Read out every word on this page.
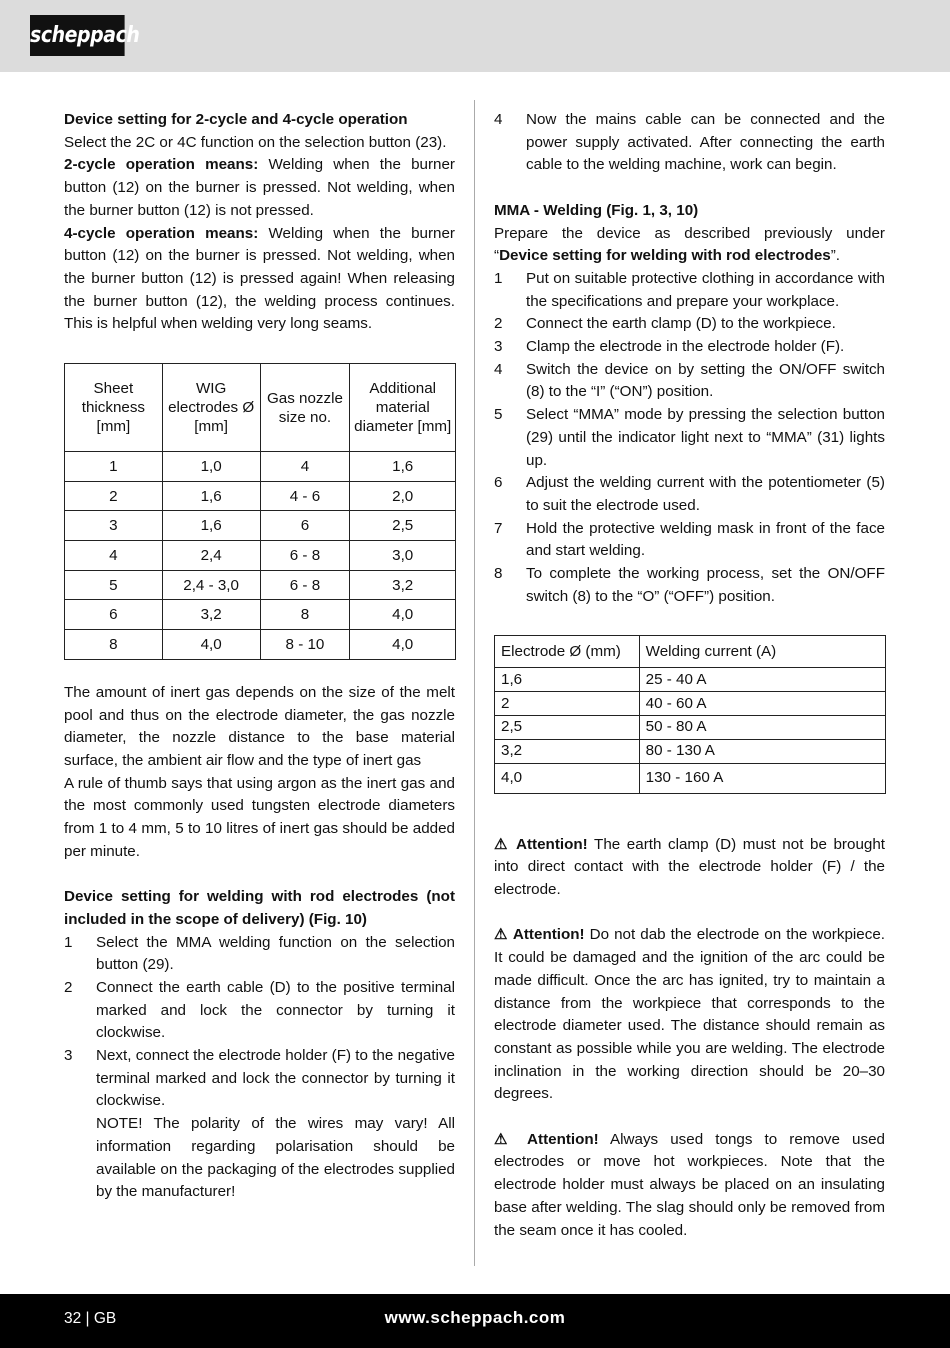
scheppach

Device setting for 2-cycle and 4-cycle operation

Select the 2C or 4C function on the selection button (23).

2-cycle operation means: Welding when the burner button (12) on the burner is pressed. Not welding, when the burner button (12) is not pressed.

4-cycle operation means: Welding when the burner button (12) on the burner is pressed. Not welding, when the burner button (12) is pressed again! When releasing the burner button (12), the welding process continues. This is helpful when welding very long seams.

Sheet thickness [mm]	WIG electrodes Ø [mm]	Gas nozzle size no.	Additional material diameter [mm]
1	1,0	4	1,6
2	1,6	4 - 6	2,0
3	1,6	6	2,5
4	2,4	6 - 8	3,0
5	2,4 - 3,0	6 - 8	3,2
6	3,2	8	4,0
8	4,0	8 - 10	4,0

The amount of inert gas depends on the size of the melt pool and thus on the electrode diameter, the gas nozzle diameter, the nozzle distance to the base material surface, the ambient air flow and the type of inert gas

A rule of thumb says that using argon as the inert gas and the most commonly used tungsten electrode diameters from 1 to 4 mm, 5 to 10 litres of inert gas should be added per minute.

Device setting for welding with rod electrodes (not included in the scope of delivery) (Fig. 10)

1	Select the MMA welding function on the selection button (29).
2	Connect the earth cable (D) to the positive terminal marked and lock the connector by turning it clockwise.
3	Next, connect the electrode holder (F) to the negative terminal marked and lock the connector by turning it clockwise.

NOTE! The polarity of the wires may vary! All information regarding polarisation should be available on the packaging of the electrodes supplied by the manufacturer!

4	Now the mains cable can be connected and the power supply activated. After connecting the earth cable to the welding machine, work can begin.

MMA - Welding (Fig. 1, 3, 10)

Prepare the device as described previously under “Device setting for welding with rod electrodes”.

1	Put on suitable protective clothing in accordance with the specifications and prepare your workplace.
2	Connect the earth clamp (D) to the workpiece.
3	Clamp the electrode in the electrode holder (F).
4	Switch the device on by setting the ON/OFF switch (8) to the “I” (“ON”) position.
5	Select “MMA” mode by pressing the selection button (29) until the indicator light next to “MMA” (31) lights up.
6	Adjust the welding current with the potentiometer (5) to suit the electrode used.
7	Hold the protective welding mask in front of the face and start welding.
8	To complete the working process, set the ON/OFF switch (8) to the “O” (“OFF”) position.
Electrode Ø (mm)	Welding current (A)
1,6	25 - 40 A
2	40 - 60 A
2,5	50 - 80 A
3,2	80 - 130 A
4,0	130 - 160 A

⚠ Attention! The earth clamp (D) must not be brought into direct contact with the electrode holder (F) / the electrode.

⚠ Attention! Do not dab the electrode on the workpiece. It could be damaged and the ignition of the arc could be made difficult. Once the arc has ignited, try to maintain a distance from the workpiece that corresponds to the electrode diameter used. The distance should remain as constant as possible while you are welding. The electrode inclination in the working direction should be 20–30 degrees.

⚠ Attention! Always used tongs to remove used electrodes or move hot workpieces. Note that the electrode holder must always be placed on an insulating base after welding. The slag should only be removed from the seam once it has cooled.

32 | GB	www.scheppach.com
